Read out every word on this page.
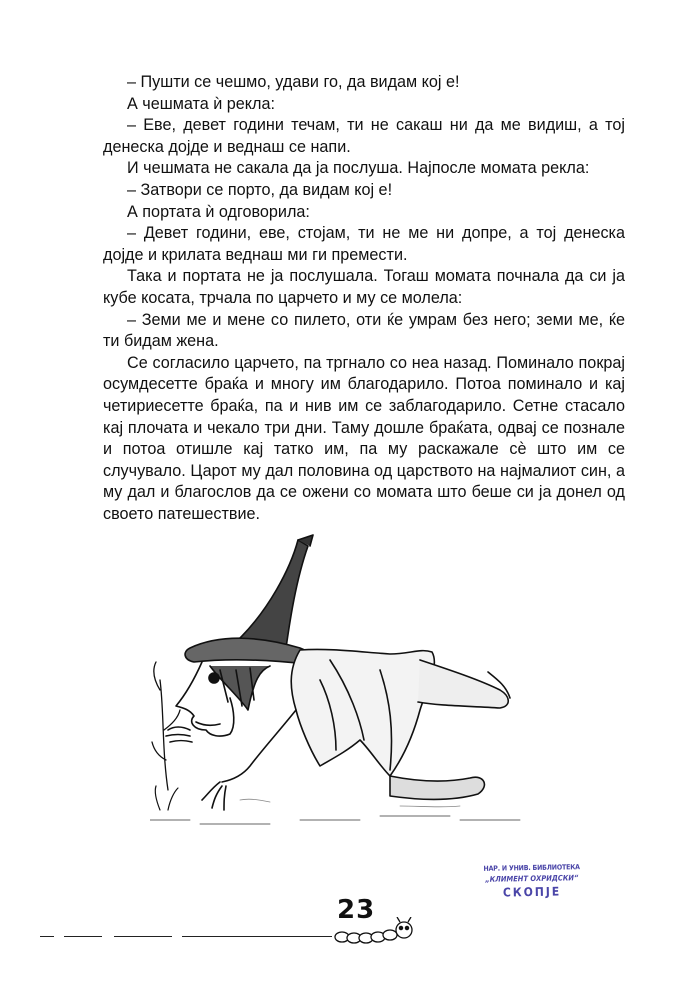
– Пушти се чешмо, удави го, да видам кој е!

А чешмата ѝ рекла:

– Еве, девет години течам, ти не сакаш ни да ме видиш, а тој денеска дојде и веднаш се напи.

И чешмата не сакала да ја послуша. Најпосле момата рекла:

– Затвори се порто, да видам кој е!

А портата ѝ одговорила:

– Девет години, еве, стојам, ти не ме ни допре, а тој денеска дојде и крилата веднаш ми ги премести.

Така и портата не ја послушала. Тогаш момата почнала да си ја кубе косата, трчала по царчето и му се молела:

– Земи ме и мене со пилето, оти ќе умрам без него; земи ме, ќе ти бидам жена.

Се согласило царчето, па тргнало со неа назад. Поминало покрај осумдесетте браќа и многу им благодарило. Потоа поминало и кај четириесетте браќа, па и нив им се заблагодарило. Сетне стасало кај плочата и чекало три дни. Таму дошле браќата, одвај се познале и потоа отишле кај татко им, па му раскажале сѐ што им се случувало. Царот му дал половина од царството на најмалиот син, а му дал и благослов да се ожени со момата што беше си ја донел од своето патешествие.

НАР. И УНИВ. БИБЛИОТЕКА
„КЛИМЕНТ ОХРИДСКИ“
СКОПЈЕ
23
